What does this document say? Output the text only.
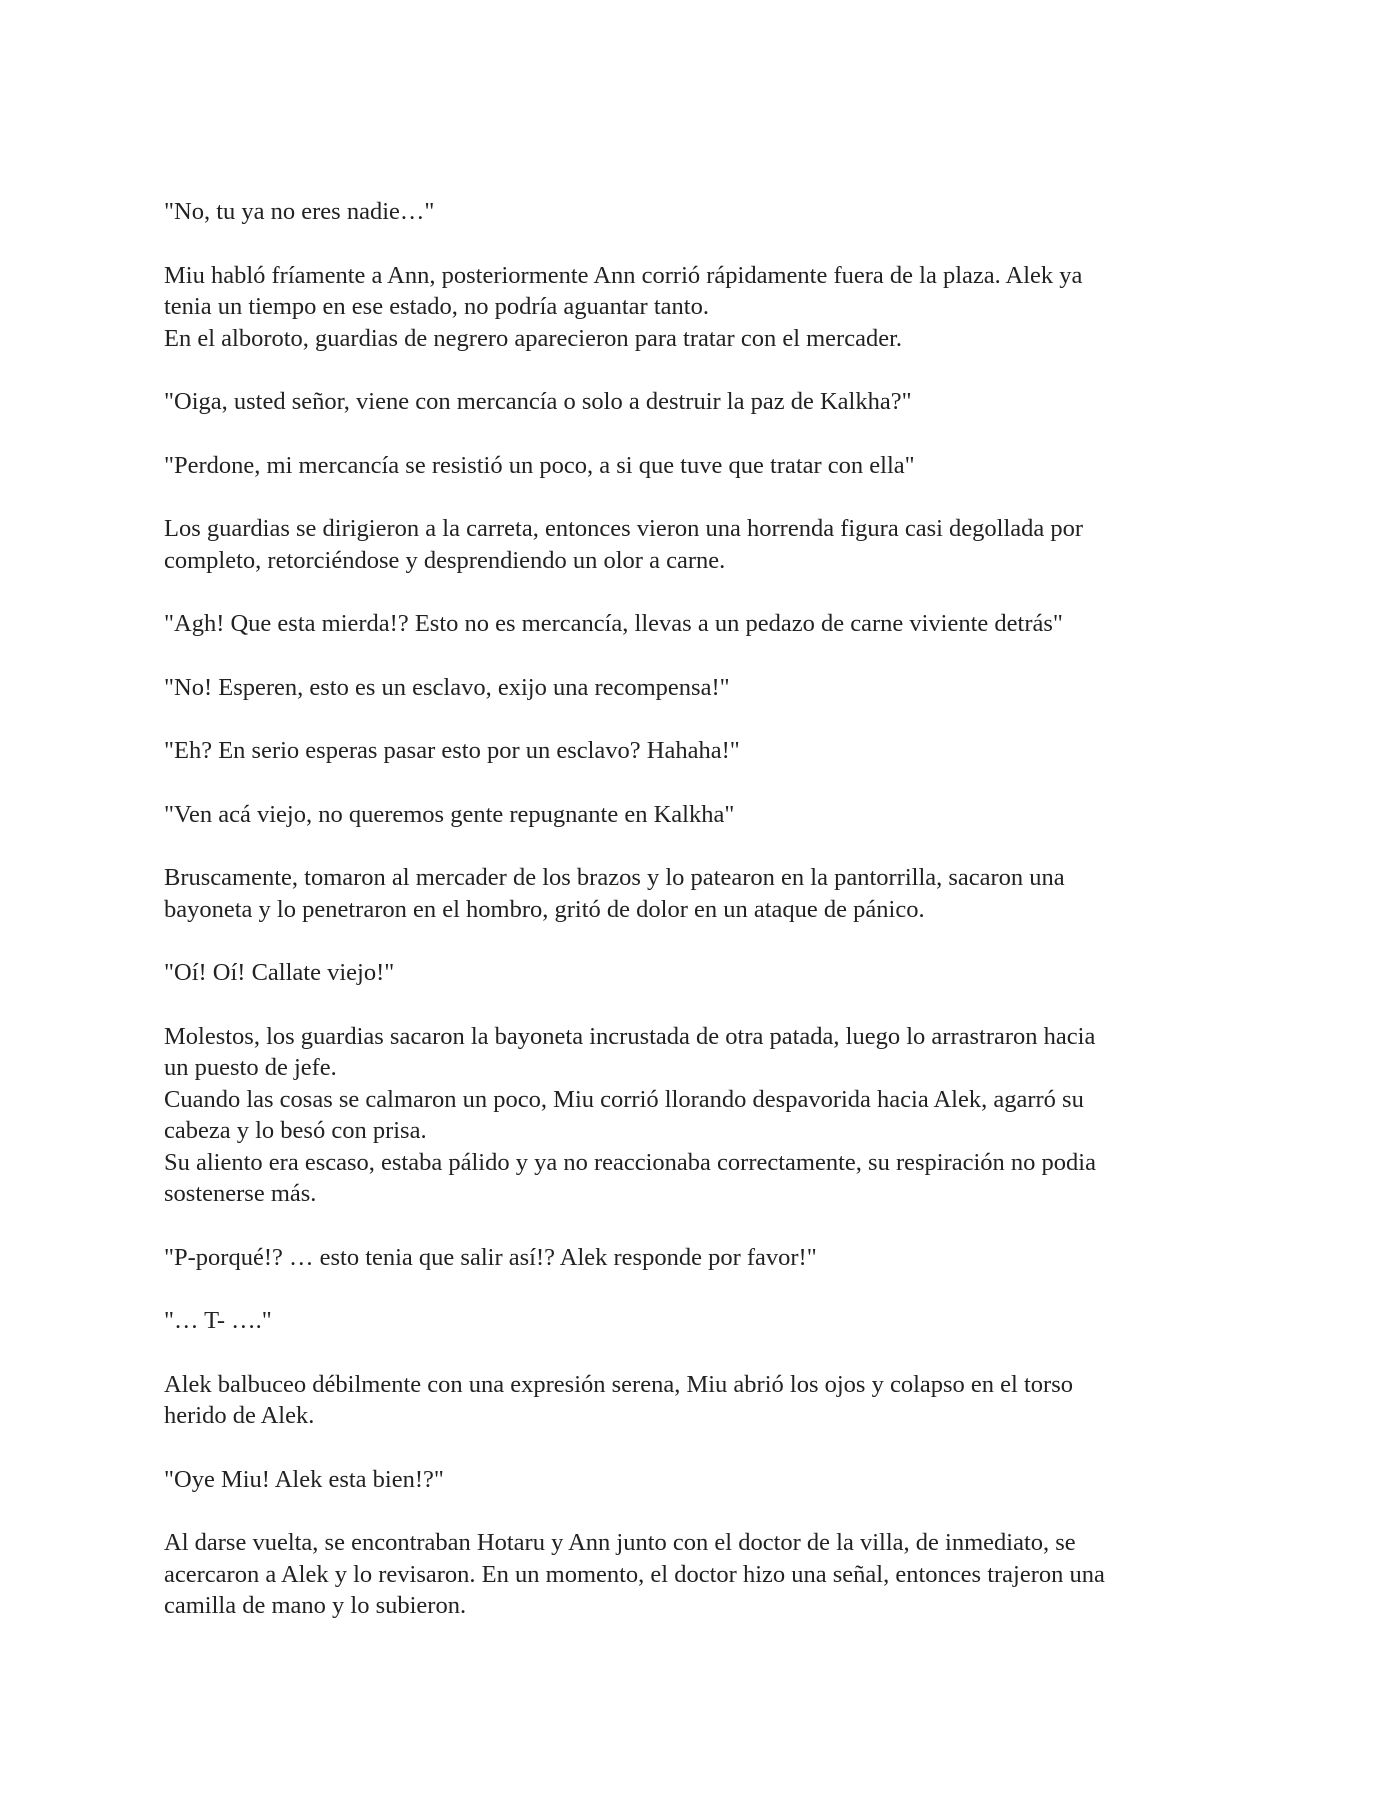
"No, tu ya no eres nadie…"

Miu habló fríamente a Ann, posteriormente Ann corrió rápidamente fuera de la plaza. Alek ya
tenia un tiempo en ese estado, no podría aguantar tanto.
En el alboroto, guardias de negrero aparecieron para tratar con el mercader.

"Oiga, usted señor, viene con mercancía o solo a destruir la paz de Kalkha?"

"Perdone, mi mercancía se resistió un poco, a si que tuve que tratar con ella"

Los guardias se dirigieron a la carreta, entonces vieron una horrenda figura casi degollada por
completo, retorciéndose y desprendiendo un olor a carne.

"Agh! Que esta mierda!? Esto no es mercancía, llevas a un pedazo de carne viviente detrás"

"No! Esperen, esto es un esclavo, exijo una recompensa!"

"Eh? En serio esperas pasar esto por un esclavo? Hahaha!"

"Ven acá viejo, no queremos gente repugnante en Kalkha"

Bruscamente, tomaron al mercader de los brazos y lo patearon en la pantorrilla, sacaron una
bayoneta y lo penetraron en el hombro, gritó de dolor en un ataque de pánico.

"Oí! Oí! Callate viejo!"

Molestos, los guardias sacaron la bayoneta incrustada de otra patada, luego lo arrastraron hacia
un puesto de jefe.
Cuando las cosas se calmaron un poco, Miu corrió llorando despavorida hacia Alek, agarró su
cabeza y lo besó con prisa.
Su aliento era escaso, estaba pálido y ya no reaccionaba correctamente, su respiración no podia
sostenerse más.

"P-porqué!? … esto tenia que salir así!? Alek responde por favor!"

"… T- …."

Alek balbuceo débilmente con una expresión serena, Miu abrió los ojos y colapso en el torso
herido de Alek.

"Oye Miu! Alek esta bien!?"

Al darse vuelta, se encontraban Hotaru y Ann junto con el doctor de la villa, de inmediato, se
acercaron a Alek y lo revisaron. En un momento, el doctor hizo una señal, entonces trajeron una
camilla de mano y lo subieron.
